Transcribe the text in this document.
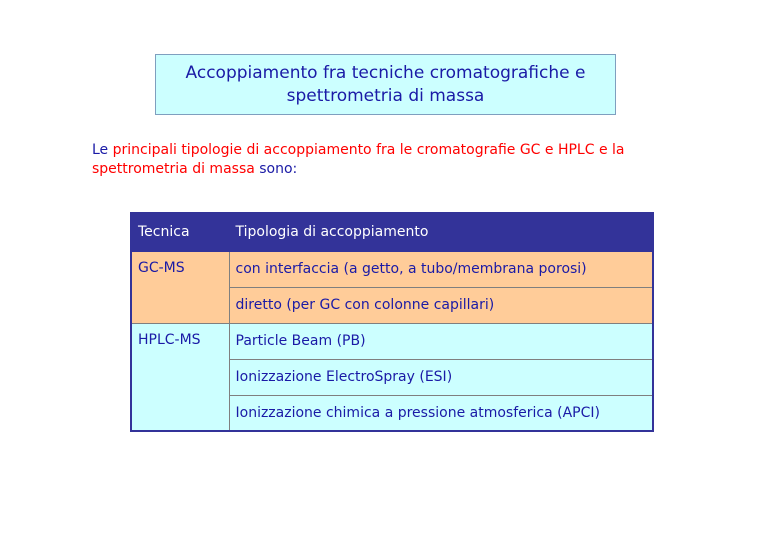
Accoppiamento fra tecniche cromatografiche e
spettrometria di massa
Le principali tipologie di accoppiamento fra le cromatografie GC e HPLC e la spettrometria di massa sono:
Tecnica	Tipologia di accoppiamento
GC-MS	con interfaccia (a getto, a tubo/membrana porosi)
	diretto (per GC con colonne capillari)
HPLC-MS	Particle Beam (PB)
	Ionizzazione ElectroSpray (ESI)
	Ionizzazione chimica a pressione atmosferica (APCI)
